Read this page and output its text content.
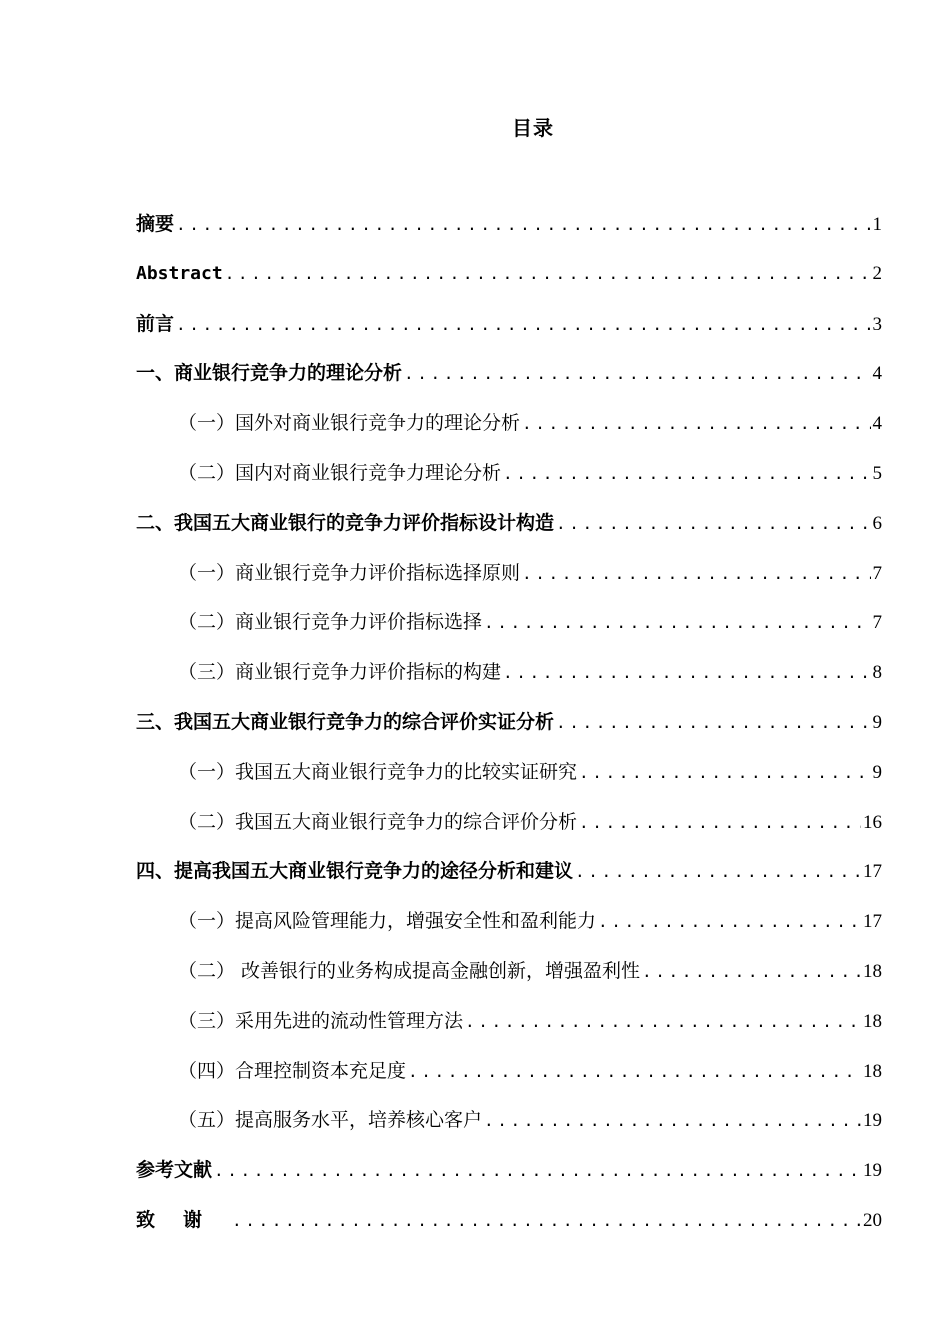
目录
摘要 .....	1
Abstract .....	2
前言 .....	3
一、商业银行竞争力的理论分析 .....	4
（一）国外对商业银行竞争力的理论分析 .....	4
（二）国内对商业银行竞争力理论分析 .....	5
二、我国五大商业银行的竞争力评价指标设计构造 .....	6
（一）商业银行竞争力评价指标选择原则 .....	7
（二）商业银行竞争力评价指标选择 .....	7
（三）商业银行竞争力评价指标的构建 .....	8
三、我国五大商业银行竞争力的综合评价实证分析 .....	9
（一）我国五大商业银行竞争力的比较实证研究 .....	9
（二）我国五大商业银行竞争力的综合评价分析 .....	16
四、提高我国五大商业银行竞争力的途径分析和建议 .....	17
（一）提高风险管理能力，增强安全性和盈利能力 .....	17
（二） 改善银行的业务构成提高金融创新，增强盈利性 .....	18
（三）采用先进的流动性管理方法 .....	18
（四）合理控制资本充足度 .....	18
（五）提高服务水平，培养核心客户 .....	19
参考文献 .....	19
致谢 .....	20
